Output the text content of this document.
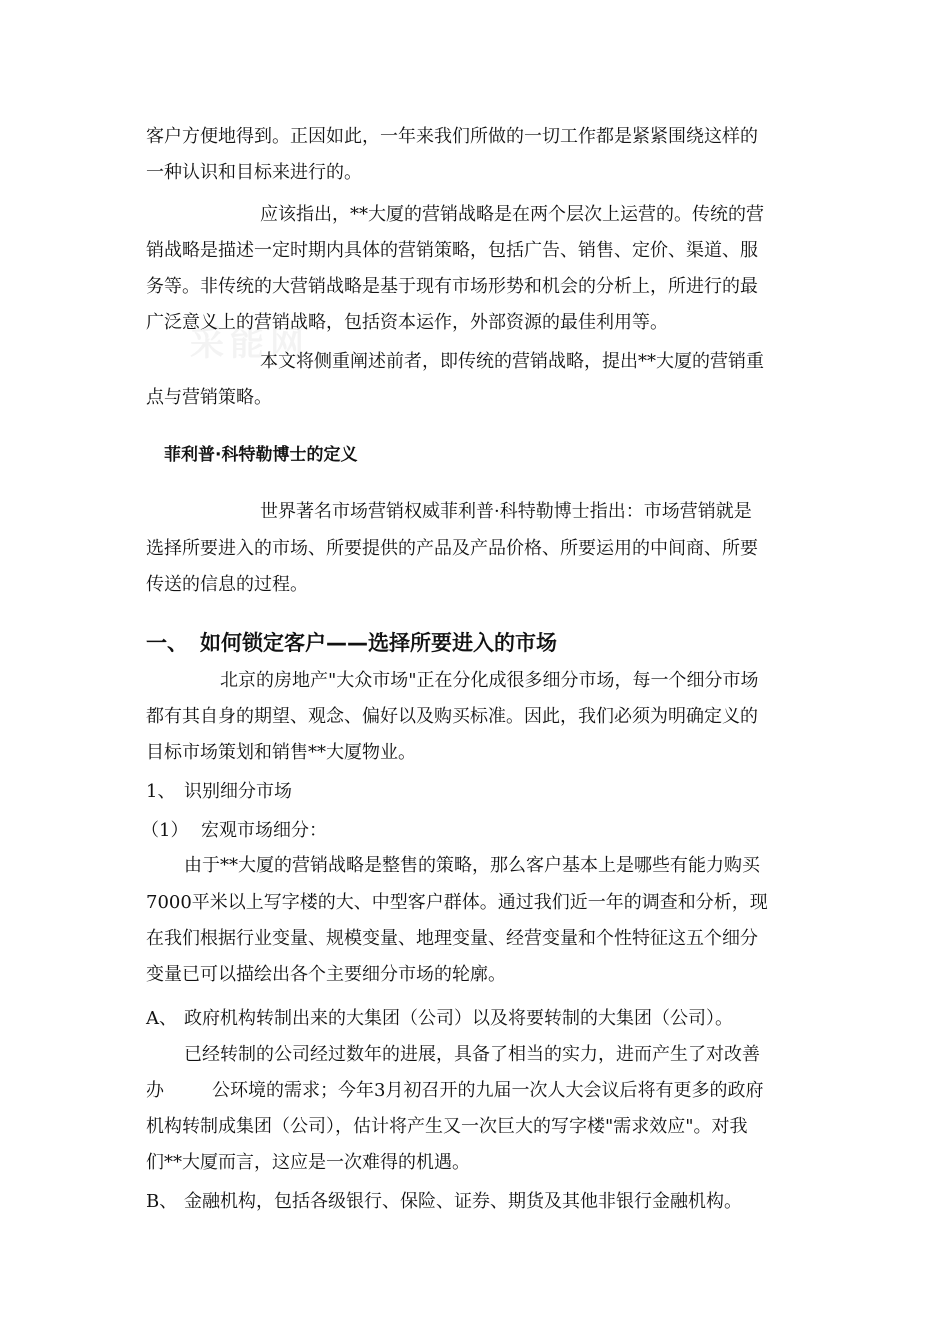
采能网
客户方便地得到。正因如此，一年来我们所做的一切工作都是紧紧围绕这样的
一种认识和目标来进行的。
应该指出，**大厦的营销战略是在两个层次上运营的。传统的营
销战略是描述一定时期内具体的营销策略，包括广告、销售、定价、渠道、服
务等。非传统的大营销战略是基于现有市场形势和机会的分析上，所进行的最
广泛意义上的营销战略，包括资本运作，外部资源的最佳利用等。
本文将侧重阐述前者，即传统的营销战略，提出**大厦的营销重
点与营销策略。
菲利普·科特勒博士的定义
世界著名市场营销权威菲利普·科特勒博士指出：市场营销就是
选择所要进入的市场、所要提供的产品及产品价格、所要运用的中间商、所要
传送的信息的过程。
一、 如何锁定客户——选择所要进入的市场
北京的房地产"大众市场"正在分化成很多细分市场，每一个细分市场
都有其自身的期望、观念、偏好以及购买标准。因此，我们必须为明确定义的
目标市场策划和销售**大厦物业。
1、 识别细分市场
（1） 宏观市场细分：
由于**大厦的营销战略是整售的策略，那么客户基本上是哪些有能力购买
7000平米以上写字楼的大、中型客户群体。通过我们近一年的调查和分析，现
在我们根据行业变量、规模变量、地理变量、经营变量和个性特征这五个细分
变量已可以描绘出各个主要细分市场的轮廓。
A、 政府机构转制出来的大集团（公司）以及将要转制的大集团（公司）。
已经转制的公司经过数年的进展，具备了相当的实力，进而产生了对改善
办	公环境的需求；今年3月初召开的九届一次人大会议后将有更多的政府
机构转制成集团（公司），估计将产生又一次巨大的写字楼"需求效应"。对我
们**大厦而言，这应是一次难得的机遇。
B、 金融机构，包括各级银行、保险、证券、期货及其他非银行金融机构。
